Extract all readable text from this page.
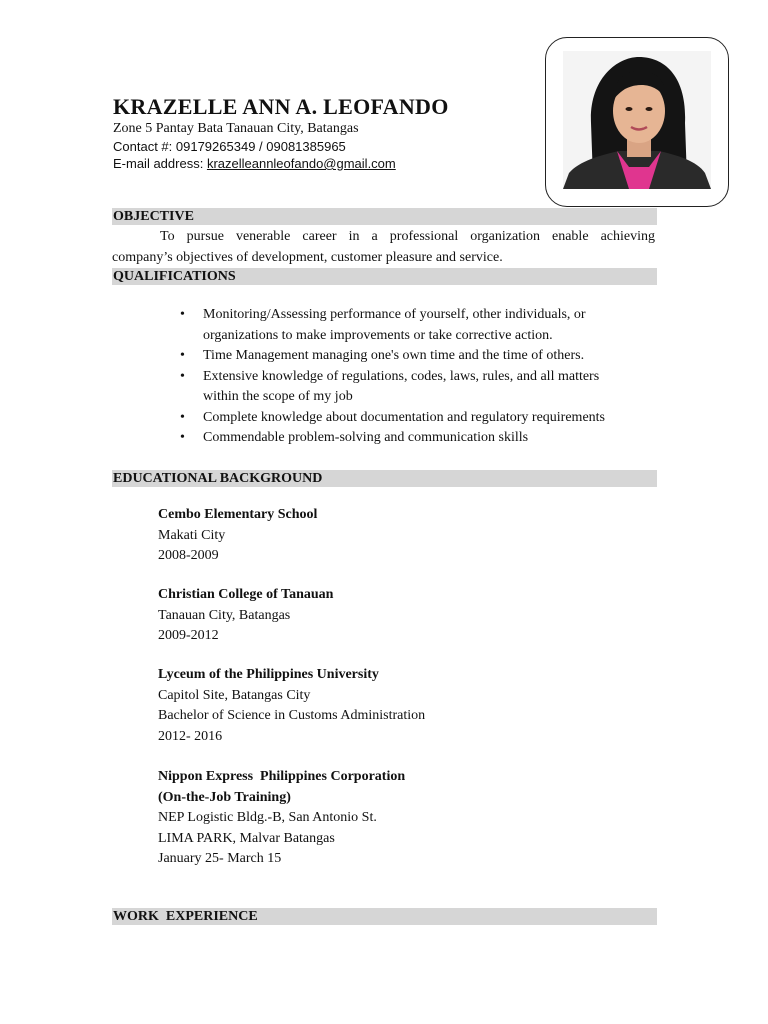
KRAZELLE ANN A. LEOFANDO
Zone 5 Pantay Bata Tanauan City, Batangas
Contact #: 09179265349 / 09081385965
E-mail address: krazelleannleofando@gmail.com
OBJECTIVE
To pursue venerable career in a professional organization enable achieving
company’s objectives of development, customer pleasure and service.
QUALIFICATIONS
• Monitoring/Assessing performance of yourself, other individuals, or
organizations to make improvements or take corrective action.
• Time Management managing one's own time and the time of others.
• Extensive knowledge of regulations, codes, laws, rules, and all matters
within the scope of my job
• Complete knowledge about documentation and regulatory requirements
• Commendable problem-solving and communication skills
EDUCATIONAL BACKGROUND
Cembo Elementary School
Makati City
2008-2009
Christian College of Tanauan
Tanauan City, Batangas
2009-2012
Lyceum of the Philippines University
Capitol Site, Batangas City
Bachelor of Science in Customs Administration
2012- 2016
Nippon Express  Philippines Corporation
(On-the-Job Training)
NEP Logistic Bldg.-B, San Antonio St.
LIMA PARK, Malvar Batangas
January 25- March 15
WORK  EXPERIENCE
